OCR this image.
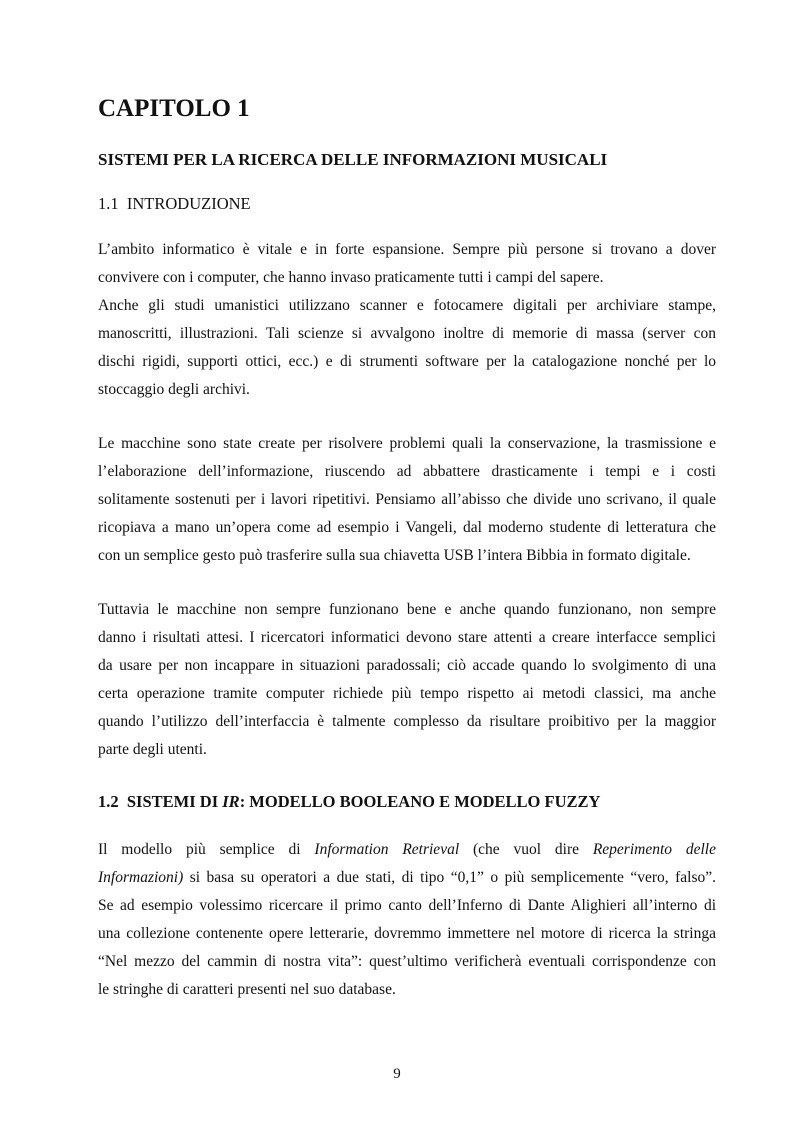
CAPITOLO 1
SISTEMI PER LA RICERCA DELLE INFORMAZIONI MUSICALI
1.1 INTRODUZIONE
L’ambito informatico è vitale e in forte espansione. Sempre più persone si trovano a dover
convivere con i computer, che hanno invaso praticamente tutti i campi del sapere.
Anche gli studi umanistici utilizzano scanner e fotocamere digitali per archiviare stampe,
manoscritti, illustrazioni. Tali scienze si avvalgono inoltre di memorie di massa (server con
dischi rigidi, supporti ottici, ecc.) e di strumenti software per la catalogazione nonché per lo
stoccaggio degli archivi.
Le macchine sono state create per risolvere problemi quali la conservazione, la trasmissione e
l’elaborazione dell’informazione, riuscendo ad abbattere drasticamente i tempi e i costi
solitamente sostenuti per i lavori ripetitivi. Pensiamo all’abisso che divide uno scrivano, il quale
ricopiava a mano un’opera come ad esempio i Vangeli, dal moderno studente di letteratura che
con un semplice gesto può trasferire sulla sua chiavetta USB l’intera Bibbia in formato digitale.
Tuttavia le macchine non sempre funzionano bene e anche quando funzionano, non sempre
danno i risultati attesi. I ricercatori informatici devono stare attenti a creare interfacce semplici
da usare per non incappare in situazioni paradossali; ciò accade quando lo svolgimento di una
certa operazione tramite computer richiede più tempo rispetto ai metodi classici, ma anche
quando l’utilizzo dell’interfaccia è talmente complesso da risultare proibitivo per la maggior
parte degli utenti.
1.2 SISTEMI DI IR: MODELLO BOOLEANO E MODELLO FUZZY
Il modello più semplice di Information Retrieval (che vuol dire Reperimento delle
Informazioni) si basa su operatori a due stati, di tipo “0,1” o più semplicemente “vero, falso”.
Se ad esempio volessimo ricercare il primo canto dell’Inferno di Dante Alighieri all’interno di
una collezione contenente opere letterarie, dovremmo immettere nel motore di ricerca la stringa
“Nel mezzo del cammin di nostra vita”: quest’ultimo verificherà eventuali corrispondenze con
le stringhe di caratteri presenti nel suo database.

9
